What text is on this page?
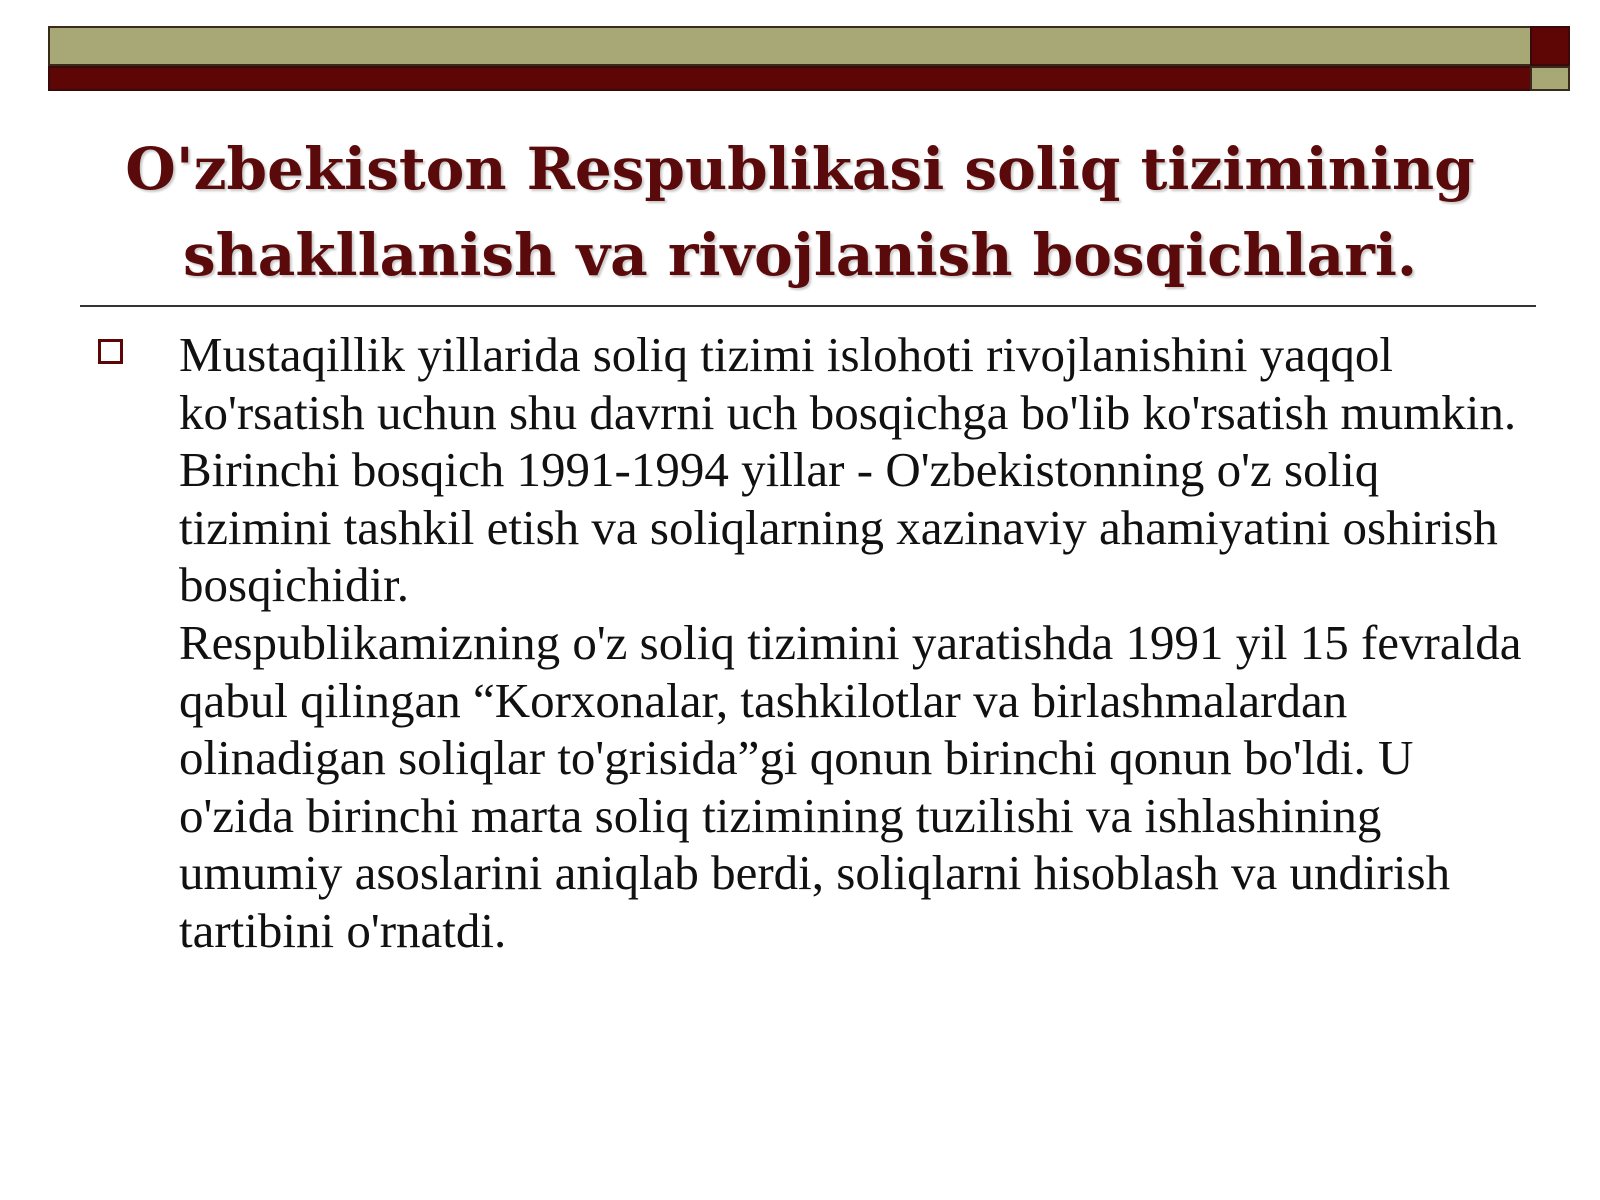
O'zbekiston Respublikasi soliq tizimining shakllanish va rivojlanish bosqichlari.
Mustaqillik yillarida soliq tizimi islohoti rivojlanishini yaqqol ko'rsatish uchun shu davrni uch bosqichga bo'lib ko'rsatish mumkin.
Birinchi bosqich 1991-1994 yillar - O'zbekistonning o'z soliq tizimini tashkil etish va soliqlarning xazinaviy ahamiyatini oshirish bosqichidir.
Respublikamizning o'z soliq tizimini yaratishda 1991 yil 15 fevralda qabul qilingan “Korxonalar, tashkilotlar va birlashmalardan olinadigan soliqlar to'grisida”gi qonun birinchi qonun bo'ldi. U o'zida birinchi marta soliq tizimining tuzilishi va ishlashining umumiy asoslarini aniqlab berdi, soliqlarni hisoblash va undirish tartibini o'rnatdi.
